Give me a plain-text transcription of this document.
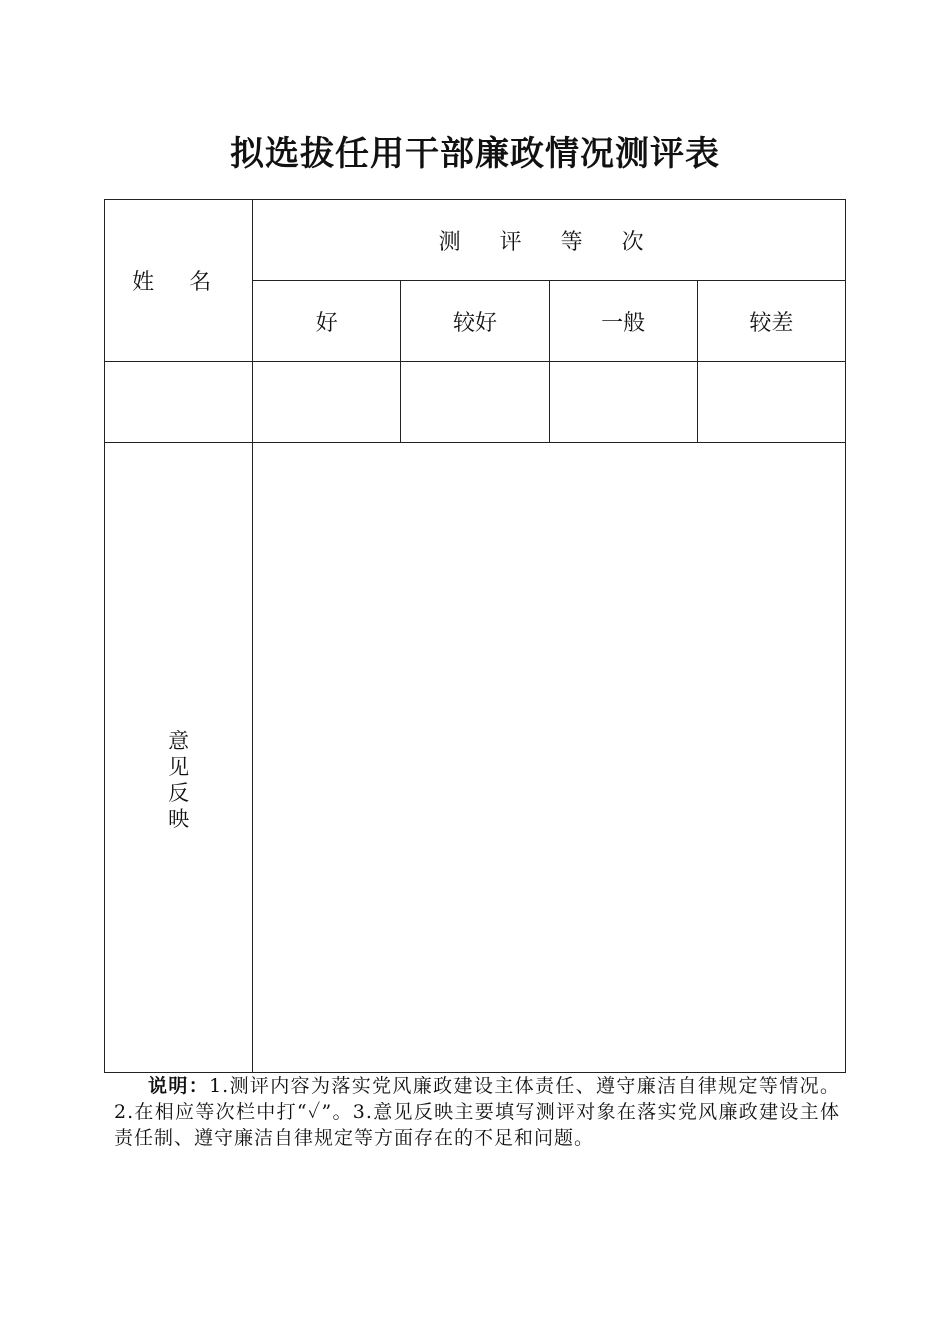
拟选拔任用干部廉政情况测评表
姓 名	测 评 等 次			
	好	较好	一般	较差

意见反映				
说明：1.测评内容为落实党风廉政建设主体责任、遵守廉洁自律规定等情况。2.在相应等次栏中打“✓”。3.意见反映主要填写测评对象在落实党风廉政建设主体责任制、遵守廉洁自律规定等方面存在的不足和问题。
